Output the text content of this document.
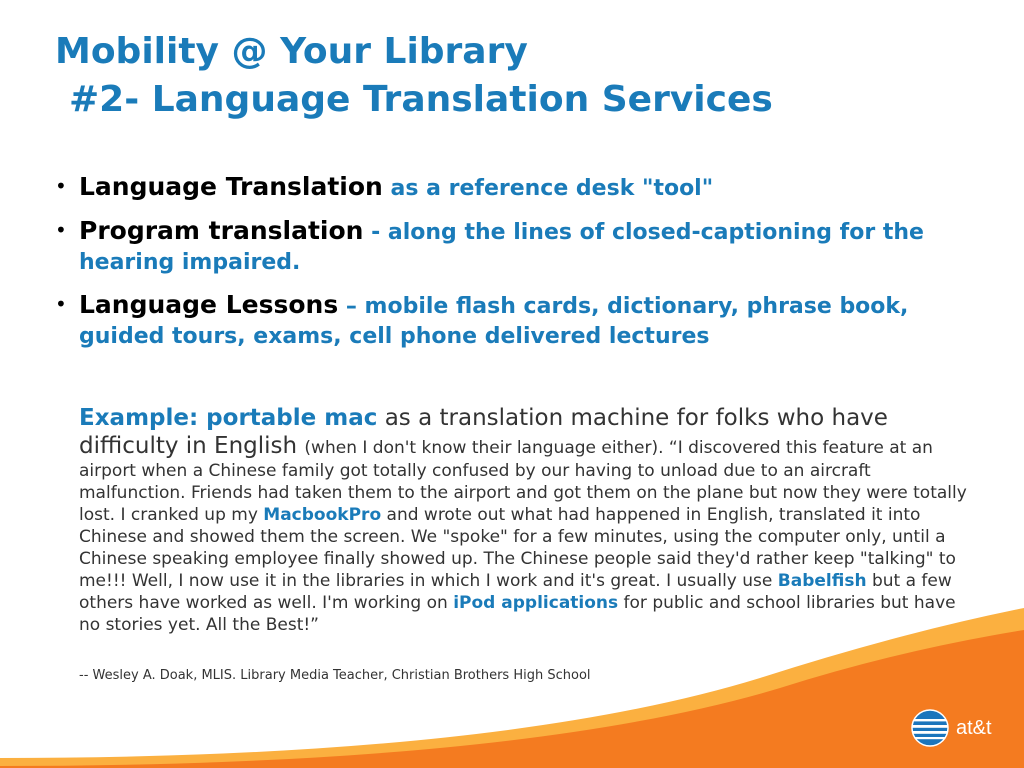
Mobility @ Your Library
#2- Language Translation Services
• Language Translation as a reference desk "tool"
• Program translation - along the lines of closed-captioning for the hearing impaired.
• Language Lessons – mobile flash cards, dictionary, phrase book, guided tours, exams, cell phone delivered lectures
Example: portable mac as a translation machine for folks who have difficulty in English (when I don't know their language either). “I discovered this feature at an airport when a Chinese family got totally confused by our having to unload due to an aircraft malfunction. Friends had taken them to the airport and got them on the plane but now they were totally lost. I cranked up my MacbookPro and wrote out what had happened in English, translated it into Chinese and showed them the screen. We "spoke" for a few minutes, using the computer only, until a Chinese speaking employee finally showed up. The Chinese people said they'd rather keep "talking" to me!!! Well, I now use it in the libraries in which I work and it's great. I usually use Babelfish but a few others have worked as well. I'm working on iPod applications for public and school libraries but have no stories yet. All the Best!”
-- Wesley A. Doak, MLIS. Library Media Teacher, Christian Brothers High School
Page 5
at&t
